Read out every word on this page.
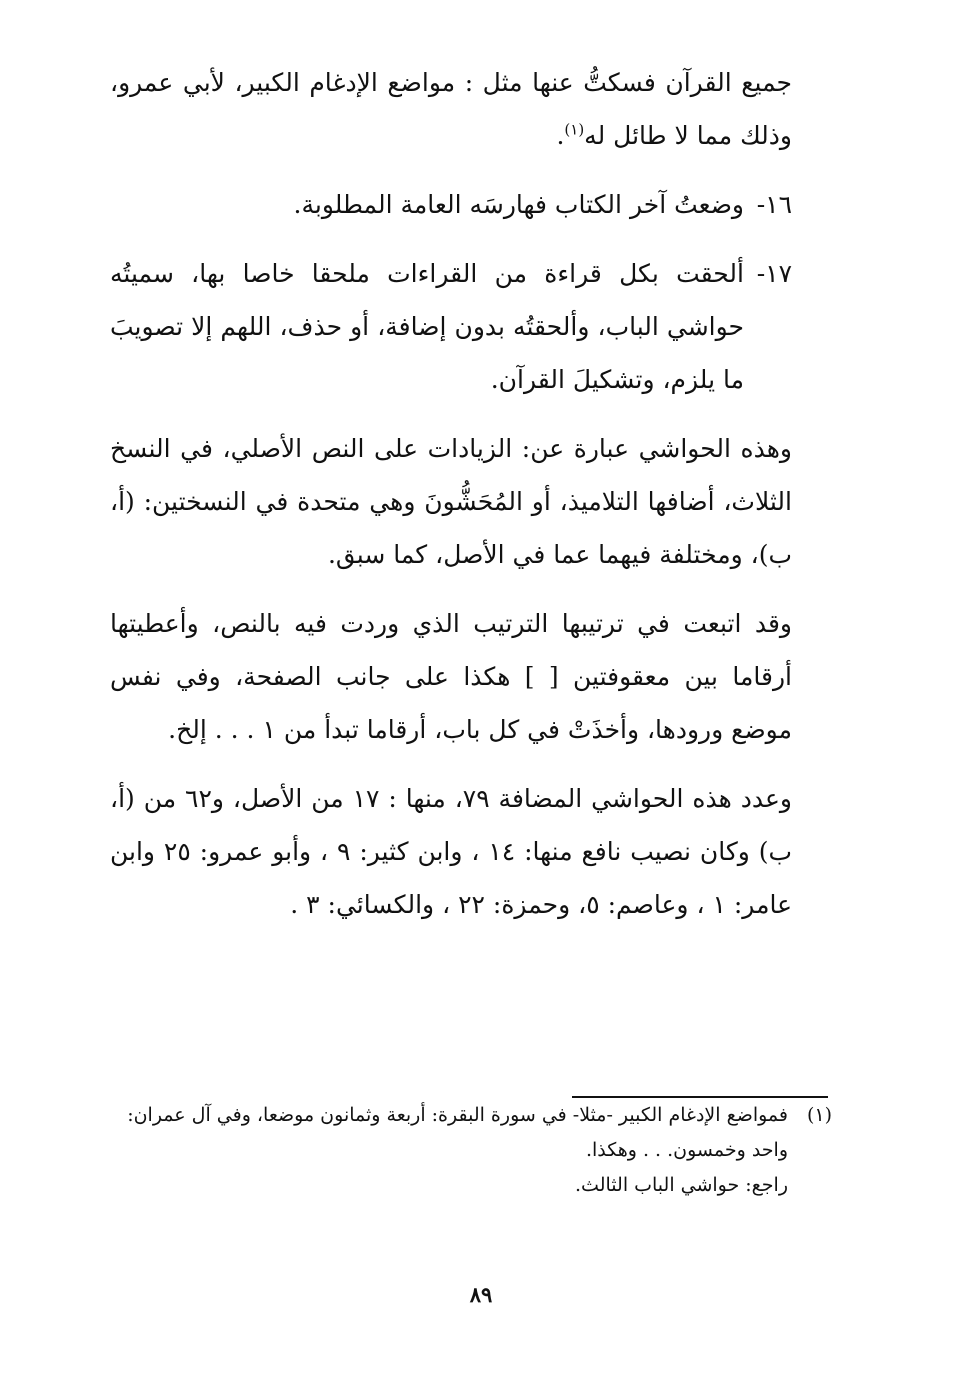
جميع القرآن فسكتُّ عنها مثل : مواضع الإدغام الكبير، لأبي عمرو، وذلك مما لا طائل له$^{(١)}$.

١٦-
وضعتُ آخر الكتاب فهارسَه العامة المطلوبة.

١٧-
ألحقت بكل قراءة من القراءات ملحقا خاصا بها، سميتُه حواشي الباب، وألحقتُه بدون إضافة، أو حذف، اللهم إلا تصويبَ ما يلزم، وتشكيلَ القرآن.

وهذه الحواشي عبارة عن: الزيادات على النص الأصلي، في النسخ الثلاث، أضافها التلاميذ، أو المُحَشُّونَ وهي متحدة في النسختين: (أ، ب)، ومختلفة فيهما عما في الأصل، كما سبق.

وقد اتبعت في ترتيبها الترتيب الذي وردت فيه بالنص، وأعطيتها أرقاما بين معقوفتين [ ] هكذا على جانب الصفحة، وفي نفس موضع ورودها، وأخذَتْ في كل باب، أرقاما تبدأ من ١ . . . إلخ.

وعدد هذه الحواشي المضافة ٧٩، منها : ١٧ من الأصل، و٦٢ من (أ، ب) وكان نصيب نافع منها: ١٤ ، وابن كثير: ٩ ، وأبو عمرو: ٢٥ وابن عامر: ١ ، وعاصم: ٥، وحمزة: ٢٢ ، والكسائي: ٣ .

(١)
فمواضع الإدغام الكبير -مثلا- في سورة البقرة: أربعة وثمانون موضعا، وفي آل عمران: واحد وخمسون. . . وهكذا.
راجع: حواشي الباب الثالث.
٨٩
